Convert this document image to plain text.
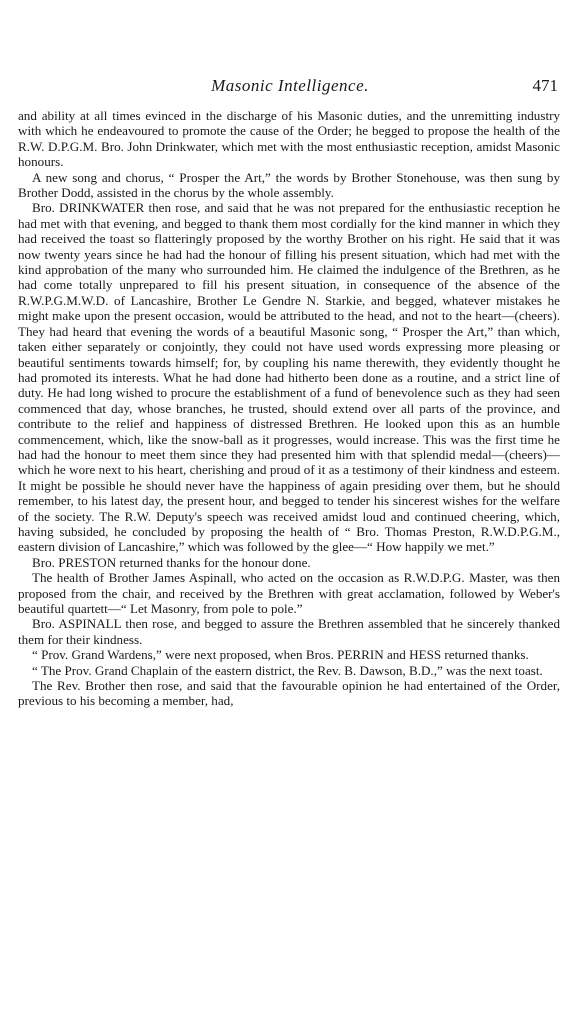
Masonic Intelligence.	471

and ability at all times evinced in the discharge of his Masonic duties, and the unremitting industry with which he endeavoured to promote the cause of the Order; he begged to propose the health of the R.W. D.P.G.M. Bro. John Drinkwater, which met with the most enthusiastic reception, amidst Masonic honours.

A new song and chorus, “ Prosper the Art,” the words by Brother Stonehouse, was then sung by Brother Dodd, assisted in the chorus by the whole assembly.

Bro. DRINKWATER then rose, and said that he was not prepared for the enthusiastic reception he had met with that evening, and begged to thank them most cordially for the kind manner in which they had received the toast so flatteringly proposed by the worthy Brother on his right. He said that it was now twenty years since he had had the honour of filling his present situation, which had met with the kind approbation of the many who surrounded him. He claimed the indulgence of the Brethren, as he had come totally unprepared to fill his present situation, in consequence of the absence of the R.W.P.G.M.W.D. of Lancashire, Brother Le Gendre N. Starkie, and begged, whatever mistakes he might make upon the present occasion, would be attributed to the head, and not to the heart—(cheers). They had heard that evening the words of a beautiful Masonic song, “ Prosper the Art,” than which, taken either separately or conjointly, they could not have used words expressing more pleasing or beautiful sentiments towards himself; for, by coupling his name therewith, they evidently thought he had promoted its interests. What he had done had hitherto been done as a routine, and a strict line of duty. He had long wished to procure the establishment of a fund of benevolence such as they had seen commenced that day, whose branches, he trusted, should extend over all parts of the province, and contribute to the relief and happiness of distressed Brethren. He looked upon this as an humble commencement, which, like the snow-ball as it progresses, would increase. This was the first time he had had the honour to meet them since they had presented him with that splendid medal—(cheers)—which he wore next to his heart, cherishing and proud of it as a testimony of their kindness and esteem. It might be possible he should never have the happiness of again presiding over them, but he should remember, to his latest day, the present hour, and begged to tender his sincerest wishes for the welfare of the society. The R.W. Deputy's speech was received amidst loud and continued cheering, which, having subsided, he concluded by proposing the health of “ Bro. Thomas Preston, R.W.D.P.G.M., eastern division of Lancashire,” which was followed by the glee—“ How happily we met.”

Bro. PRESTON returned thanks for the honour done.

The health of Brother James Aspinall, who acted on the occasion as R.W.D.P.G. Master, was then proposed from the chair, and received by the Brethren with great acclamation, followed by Weber's beautiful quartett—“ Let Masonry, from pole to pole.”

Bro. ASPINALL then rose, and begged to assure the Brethren assembled that he sincerely thanked them for their kindness.

“ Prov. Grand Wardens,” were next proposed, when Bros. PERRIN and HESS returned thanks.

“ The Prov. Grand Chaplain of the eastern district, the Rev. B. Dawson, B.D.,” was the next toast.

The Rev. Brother then rose, and said that the favourable opinion he had entertained of the Order, previous to his becoming a member, had,
